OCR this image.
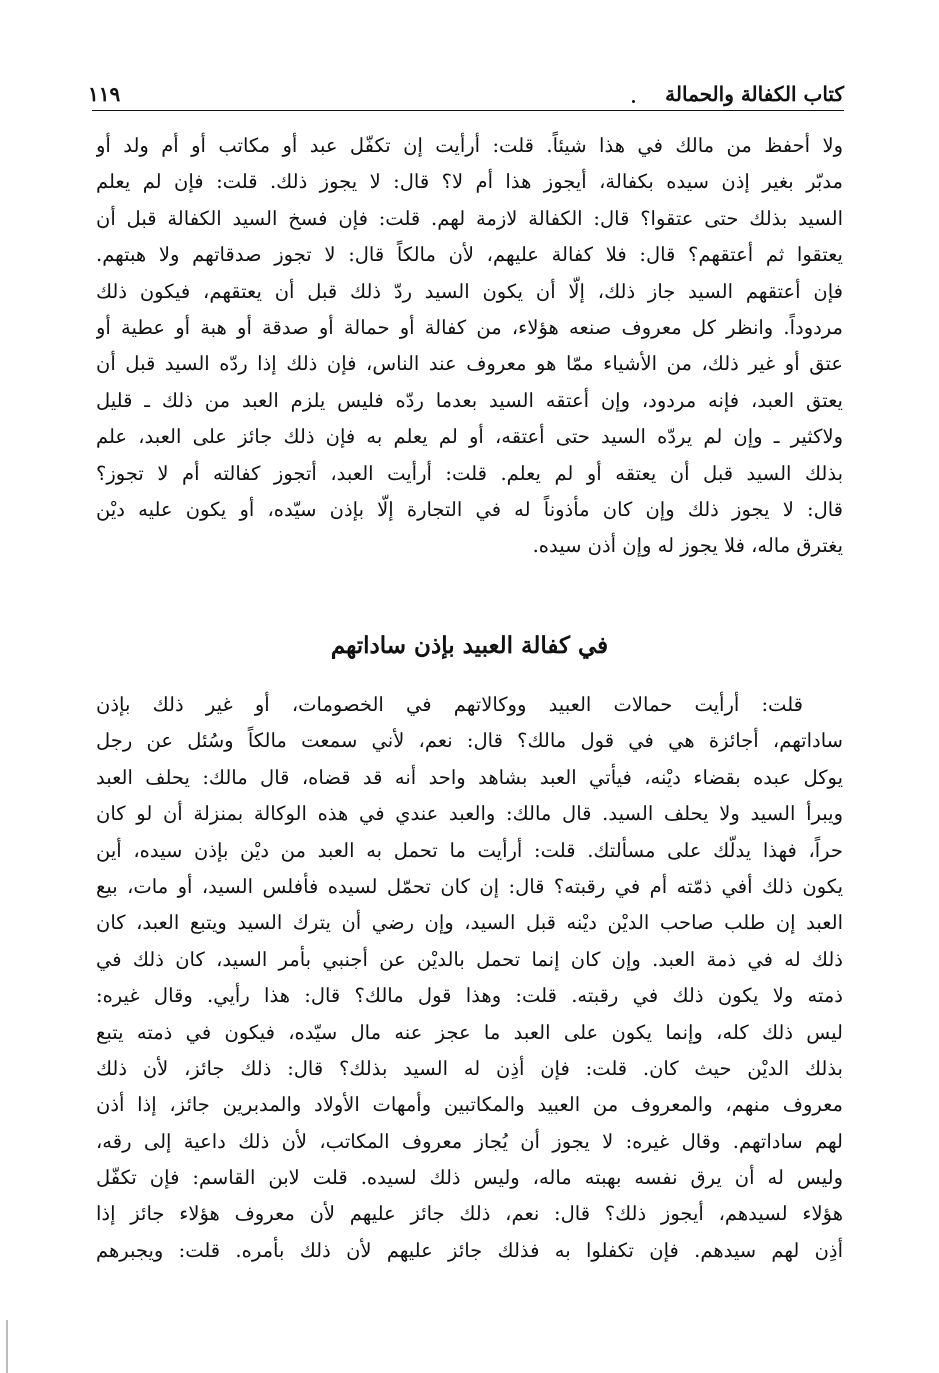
كتاب الكفالة والحمالة
١١٩
ولا أحفظ من مالك في هذا شيئاً. قلت: أرأيت إن تكفّل عبد أو مكاتب أو أم ولد أو
مدبّر بغير إذن سيده بكفالة، أيجوز هذا أم لا؟ قال: لا يجوز ذلك. قلت: فإن لم يعلم
السيد بذلك حتى عتقوا؟ قال: الكفالة لازمة لهم. قلت: فإن فسخ السيد الكفالة قبل أن
يعتقوا ثم أعتقهم؟ قال: فلا كفالة عليهم، لأن مالكاً قال: لا تجوز صدقاتهم ولا هبتهم.
فإن أعتقهم السيد جاز ذلك، إلّا أن يكون السيد ردّ ذلك قبل أن يعتقهم، فيكون ذلك
مردوداً. وانظر كل معروف صنعه هؤلاء، من كفالة أو حمالة أو صدقة أو هبة أو عطية أو
عتق أو غير ذلك، من الأشياء ممّا هو معروف عند الناس، فإن ذلك إذا ردّه السيد قبل أن
يعتق العبد، فإنه مردود، وإن أعتقه السيد بعدما ردّه فليس يلزم العبد من ذلك ـ قليل
ولاكثير ـ وإن لم يردّه السيد حتى أعتقه، أو لم يعلم به فإن ذلك جائز على العبد، علم
بذلك السيد قبل أن يعتقه أو لم يعلم. قلت: أرأيت العبد، أتجوز كفالته أم لا تجوز؟
قال: لا يجوز ذلك وإن كان مأذوناً له في التجارة إلّا بإذن سيّده، أو يكون عليه ديْن
يغترق ماله، فلا يجوز له وإن أذن سيده.
في كفالة العبيد بإذن ساداتهم
قلت: أرأيت حمالات العبيد ووكالاتهم في الخصومات، أو غير ذلك بإذن
ساداتهم، أجائزة هي في قول مالك؟ قال: نعم، لأني سمعت مالكاً وسُئل عن رجل
يوكل عبده بقضاء ديْنه، فيأتي العبد بشاهد واحد أنه قد قضاه، قال مالك: يحلف العبد
ويبرأ السيد ولا يحلف السيد. قال مالك: والعبد عندي في هذه الوكالة بمنزلة أن لو كان
حراً، فهذا يدلّك على مسألتك. قلت: أرأيت ما تحمل به العبد من ديْن بإذن سيده، أين
يكون ذلك أفي ذمّته أم في رقبته؟ قال: إن كان تحمّل لسيده فأفلس السيد، أو مات، بيع
العبد إن طلب صاحب الديْن ديْنه قبل السيد، وإن رضي أن يترك السيد ويتبع العبد، كان
ذلك له في ذمة العبد. وإن كان إنما تحمل بالديْن عن أجنبي بأمر السيد، كان ذلك في
ذمته ولا يكون ذلك في رقبته. قلت: وهذا قول مالك؟ قال: هذا رأيي. وقال غيره:
ليس ذلك كله، وإنما يكون على العبد ما عجز عنه مال سيّده، فيكون في ذمته يتبع
بذلك الديْن حيث كان. قلت: فإن أذِن له السيد بذلك؟ قال: ذلك جائز، لأن ذلك
معروف منهم، والمعروف من العبيد والمكاتبين وأمهات الأولاد والمدبرين جائز، إذا أذن
لهم ساداتهم. وقال غيره: لا يجوز أن يُجاز معروف المكاتب، لأن ذلك داعية إلى رقه،
وليس له أن يرق نفسه بهبته ماله، وليس ذلك لسيده. قلت لابن القاسم: فإن تكفّل
هؤلاء لسيدهم، أيجوز ذلك؟ قال: نعم، ذلك جائز عليهم لأن معروف هؤلاء جائز إذا
أذِن لهم سيدهم. فإن تكفلوا به فذلك جائز عليهم لأن ذلك بأمره. قلت: ويجبرهم
